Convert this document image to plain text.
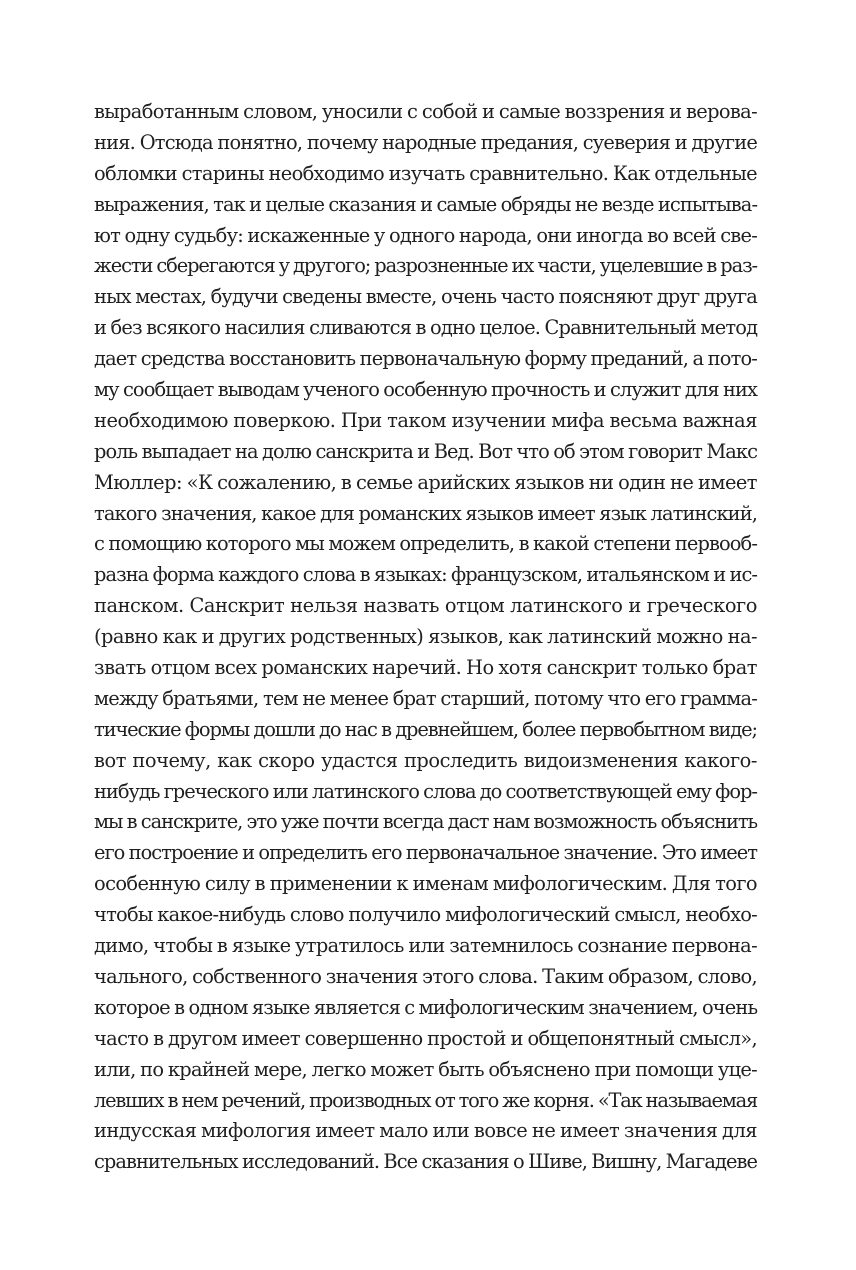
выработанным словом, уносили с собой и самые воззрения и верова-
ния. Отсюда понятно, почему народные предания, суеверия и другие
обломки старины необходимо изучать сравнительно. Как отдельные
выражения, так и целые сказания и самые обряды не везде испытыва-
ют одну судьбу: искаженные у одного народа, они иногда во всей све-
жести сберегаются у другого; разрозненные их части, уцелевшие в раз-
ных местах, будучи сведены вместе, очень часто поясняют друг друга
и без всякого насилия сливаются в одно целое. Сравнительный метод
дает средства восстановить первоначальную форму преданий, а пото-
му сообщает выводам ученого особенную прочность и служит для них
необходимою поверкою. При таком изучении мифа весьма важная
роль выпадает на долю санскрита и Вед. Вот что об этом говорит Макс
Мюллер: «К сожалению, в семье арийских языков ни один не имеет
такого значения, какое для романских языков имеет язык латинский,
с помощию которого мы можем определить, в какой степени первооб-
разна форма каждого слова в языках: французском, итальянском и ис-
панском. Санскрит нельзя назвать отцом латинского и греческого
(равно как и других родственных) языков, как латинский можно на-
звать отцом всех романских наречий. Но хотя санскрит только брат
между братьями, тем не менее брат старший, потому что его грамма-
тические формы дошли до нас в древнейшем, более первобытном виде;
вот почему, как скоро удастся проследить видоизменения какого-
нибудь греческого или латинского слова до соответствующей ему фор-
мы в санскрите, это уже почти всегда даст нам возможность объяснить
его построение и определить его первоначальное значение. Это имеет
особенную силу в применении к именам мифологическим. Для того
чтобы какое-нибудь слово получило мифологический смысл, необхо-
димо, чтобы в языке утратилось или затемнилось сознание первона-
чального, собственного значения этого слова. Таким образом, слово,
которое в одном языке является с мифологическим значением, очень
часто в другом имеет совершенно простой и общепонятный смысл»,
или, по крайней мере, легко может быть объяснено при помощи уце-
левших в нем речений, производных от того же корня. «Так называемая
индусская мифология имеет мало или вовсе не имеет значения для
сравнительных исследований. Все сказания о Шиве, Вишну, Магадеве
